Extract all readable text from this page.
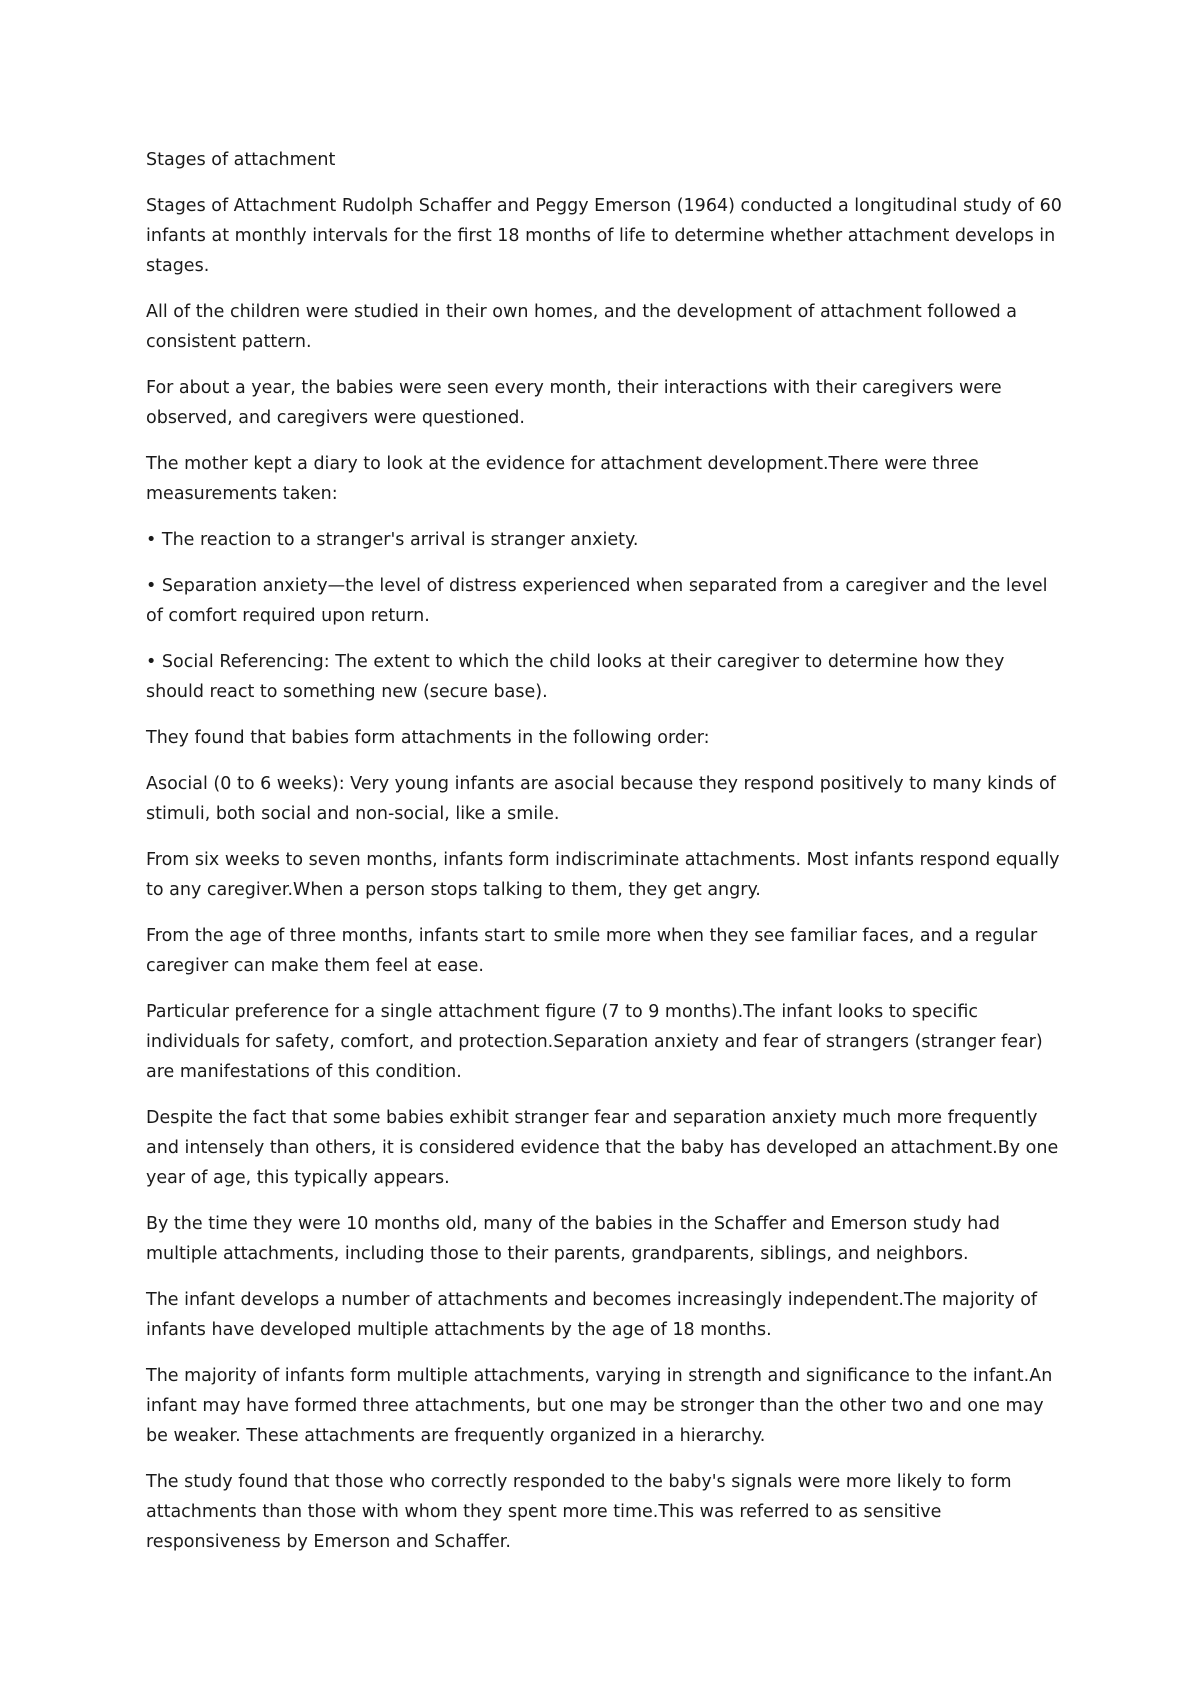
Stages of attachment

Stages of Attachment Rudolph Schaffer and Peggy Emerson (1964) conducted a longitudinal study of 60 infants at monthly intervals for the first 18 months of life to determine whether attachment develops in stages.

All of the children were studied in their own homes, and the development of attachment followed a consistent pattern.

For about a year, the babies were seen every month, their interactions with their caregivers were observed, and caregivers were questioned.

The mother kept a diary to look at the evidence for attachment development.There were three measurements taken:

• The reaction to a stranger's arrival is stranger anxiety.

• Separation anxiety—the level of distress experienced when separated from a caregiver and the level of comfort required upon return.

• Social Referencing: The extent to which the child looks at their caregiver to determine how they should react to something new (secure base).

They found that babies form attachments in the following order:

Asocial (0 to 6 weeks): Very young infants are asocial because they respond positively to many kinds of stimuli, both social and non-social, like a smile.

From six weeks to seven months, infants form indiscriminate attachments. Most infants respond equally to any caregiver.When a person stops talking to them, they get angry.

From the age of three months, infants start to smile more when they see familiar faces, and a regular caregiver can make them feel at ease.

Particular preference for a single attachment figure (7 to 9 months).The infant looks to specific individuals for safety, comfort, and protection.Separation anxiety and fear of strangers (stranger fear) are manifestations of this condition.

Despite the fact that some babies exhibit stranger fear and separation anxiety much more frequently and intensely than others, it is considered evidence that the baby has developed an attachment.By one year of age, this typically appears.

By the time they were 10 months old, many of the babies in the Schaffer and Emerson study had multiple attachments, including those to their parents, grandparents, siblings, and neighbors.

The infant develops a number of attachments and becomes increasingly independent.The majority of infants have developed multiple attachments by the age of 18 months.

The majority of infants form multiple attachments, varying in strength and significance to the infant.An infant may have formed three attachments, but one may be stronger than the other two and one may be weaker. These attachments are frequently organized in a hierarchy.

The study found that those who correctly responded to the baby's signals were more likely to form attachments than those with whom they spent more time.This was referred to as sensitive responsiveness by Emerson and Schaffer.
